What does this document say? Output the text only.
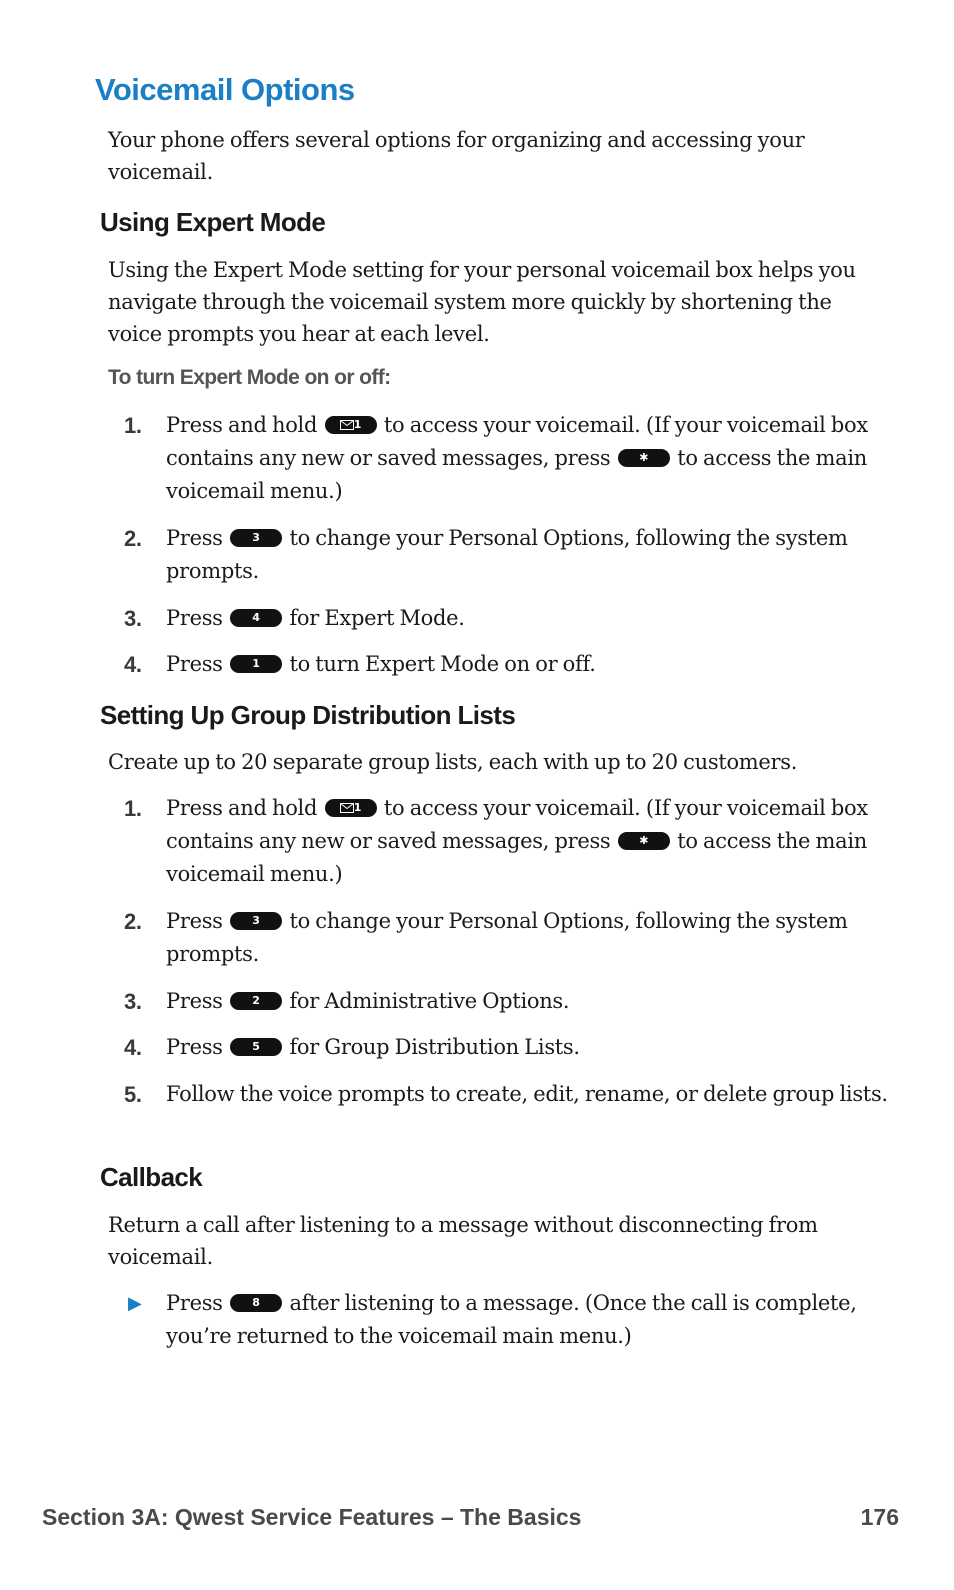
Voicemail Options

Your phone offers several options for organizing and accessing your voicemail.

Using Expert Mode

Using the Expert Mode setting for your personal voicemail box helps you navigate through the voicemail system more quickly by shortening the voice prompts you hear at each level.

To turn Expert Mode on or off:
1. Press and hold	1 to access your voicemail. (If your voicemail box contains any new or saved messages, press	✱ to access the main voicemail menu.)
2. Press	3 to change your Personal Options, following the system prompts.
3. Press	4 for Expert Mode.
4. Press	1 to turn Expert Mode on or off.
Setting Up Group Distribution Lists

Create up to 20 separate group lists, each with up to 20 customers.

1. Press and hold	1 to access your voicemail. (If your voicemail box contains any new or saved messages, press	✱ to access the main voicemail menu.)
2. Press	3 to change your Personal Options, following the system prompts.
3. Press	2 for Administrative Options.
4. Press	5 for Group Distribution Lists.
5. Follow the voice prompts to create, edit, rename, or delete group lists.
Callback

Return a call after listening to a message without disconnecting from voicemail.

▶ Press	8 after listening to a message. (Once the call is complete, you’re returned to the voicemail main menu.)
Section 3A: Qwest Service Features – The Basics	176
